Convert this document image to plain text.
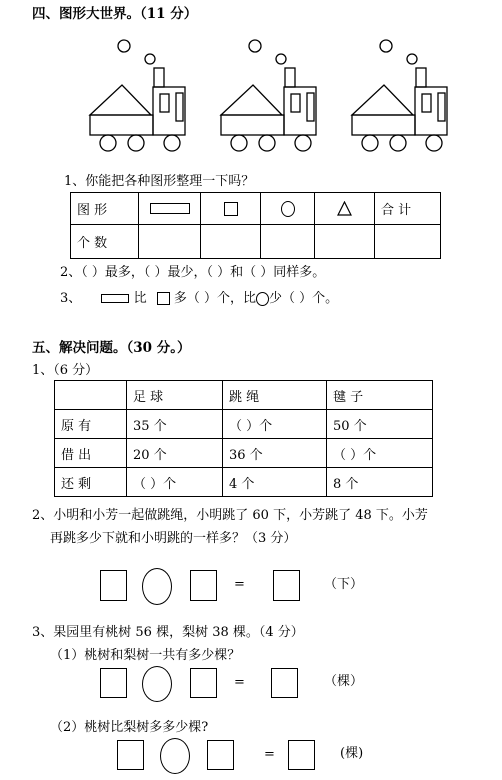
四、图形大世界。（11 分）
1、你能把各种图形整理一下吗？
图 形					合 计
个 数					
2、（ ）最多，（ ）最少，（ ）和（ ）同样多。
3、	比 多（ ）个，比 少（ ）个。
五、解决问题。（30 分。）
1、（6 分）
	足 球	跳 绳	毽 子
原 有	35 个	（ ）个	50 个
借 出	20 个	36 个	（ ）个
还 剩	（ ）个	4 个	8 个
2、小明和小芳一起做跳绳，小明跳了 60 下，小芳跳了 48 下。小芳
再跳多少下就和小明跳的一样多？（3 分）
=	（下）
3、果园里有桃树 56 棵，梨树 38 棵。（4 分）
（1）桃树和梨树一共有多少棵？
=	（棵）
（2）桃树比梨树多多少棵?
=	(棵)
